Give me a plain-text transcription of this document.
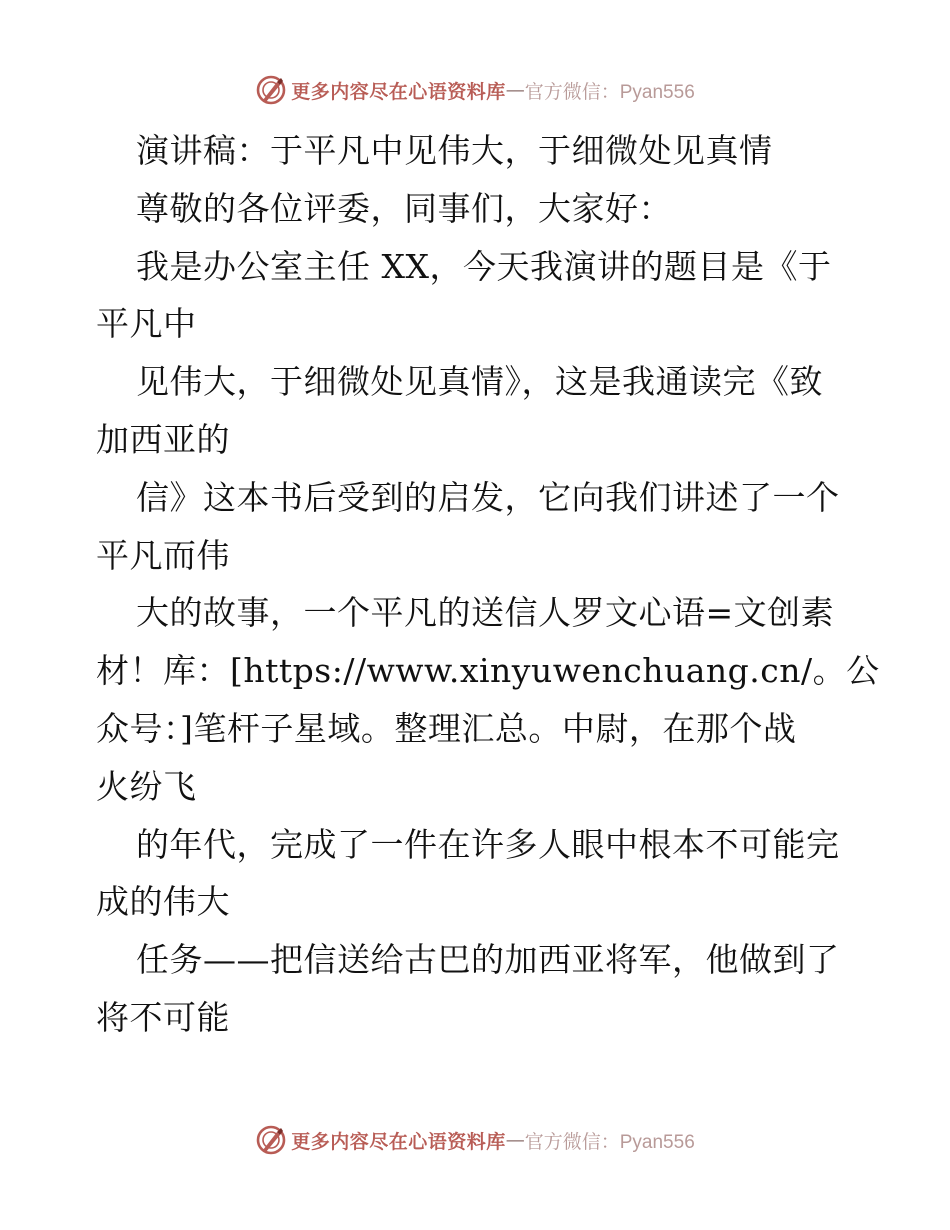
更多内容尽在心语资料库 — 官方微信：Pyan556
演讲稿：于平凡中见伟大，于细微处见真情
尊敬的各位评委，同事们，大家好：
我是办公室主任 XX，今天我演讲的题目是《于
平凡中
见伟大，于细微处见真情》，这是我通读完《致
加西亚的
信》这本书后受到的启发，它向我们讲述了一个
平凡而伟
大的故事，一个平凡的送信人罗文心语=文创素
材！库：[https://www.xinyuwenchuang.cn/。公
众号：]笔杆子星域。整理汇总。中尉，在那个战
火纷飞
的年代，完成了一件在许多人眼中根本不可能完
成的伟大
任务——把信送给古巴的加西亚将军，他做到了
将不可能
更多内容尽在心语资料库 — 官方微信：Pyan556
